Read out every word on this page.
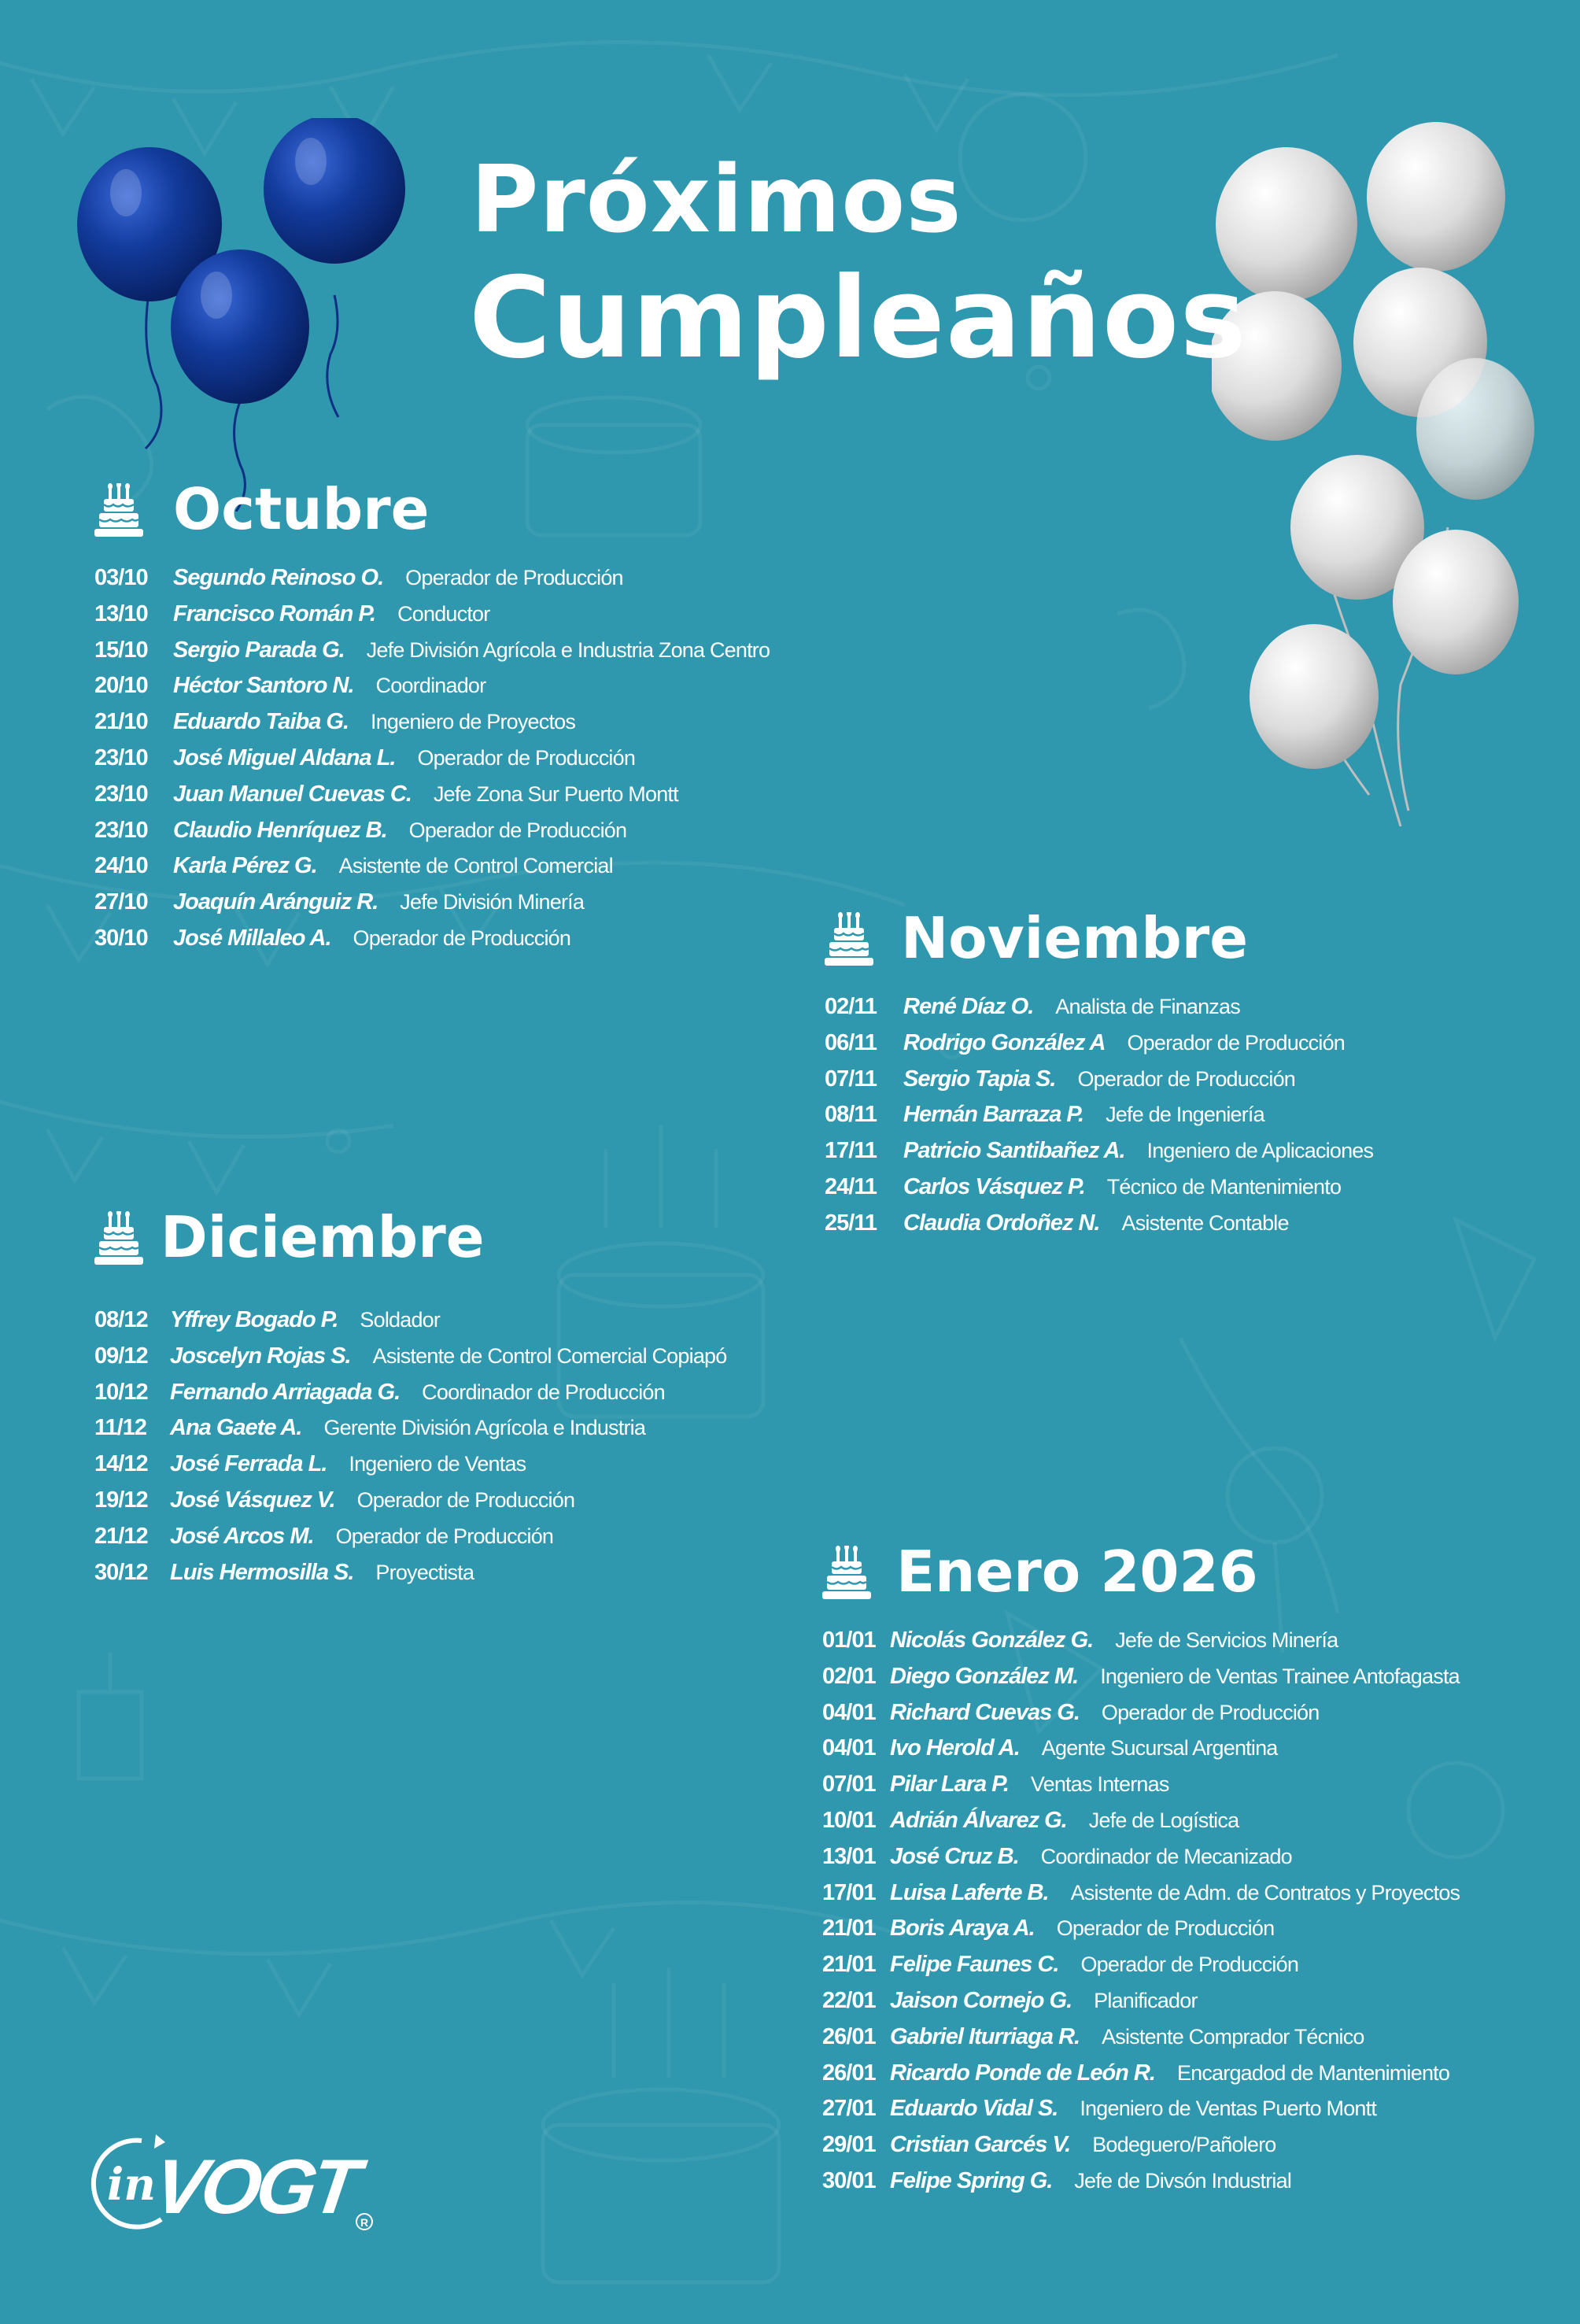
Próximos
Cumpleaños
Octubre
03/10 Segundo Reinoso O. Operador de Producción
13/10 Francisco Román P. Conductor
15/10 Sergio Parada G. Jefe División Agrícola e Industria Zona Centro
20/10 Héctor Santoro N. Coordinador
21/10 Eduardo Taiba G. Ingeniero de Proyectos
23/10 José Miguel Aldana L. Operador de Producción
23/10 Juan Manuel Cuevas C. Jefe Zona Sur Puerto Montt
23/10 Claudio Henríquez B. Operador de Producción
24/10 Karla Pérez G. Asistente de Control Comercial
27/10 Joaquín Aránguiz R. Jefe División Minería
30/10 José Millaleo A. Operador de Producción	Noviembre
02/11 René Díaz O. Analista de Finanzas
06/11 Rodrigo González A Operador de Producción
07/11 Sergio Tapia S. Operador de Producción
08/11 Hernán Barraza P. Jefe de Ingeniería
17/11 Patricio Santibañez A. Ingeniero de Aplicaciones
24/11 Carlos Vásquez P. Técnico de Mantenimiento
25/11 Claudia Ordoñez N. Asistente Contable
Diciembre
08/12 Yffrey Bogado P. Soldador
09/12 Joscelyn Rojas S. Asistente de Control Comercial Copiapó
10/12 Fernando Arriagada G. Coordinador de Producción
11/12 Ana Gaete A. Gerente División Agrícola e Industria
14/12 José Ferrada L. Ingeniero de Ventas
19/12 José Vásquez V. Operador de Producción
21/12 José Arcos M. Operador de Producción
30/12 Luis Hermosilla S. Proyectista	Enero 2026
01/01 Nicolás González G. Jefe de Servicios Minería
02/01 Diego González M. Ingeniero de Ventas Trainee Antofagasta
04/01 Richard Cuevas G. Operador de Producción
04/01 Ivo Herold A. Agente Sucursal Argentina
07/01 Pilar Lara P. Ventas Internas
10/01 Adrián Álvarez G. Jefe de Logística
13/01 José Cruz B. Coordinador de Mecanizado
17/01 Luisa Laferte B. Asistente de Adm. de Contratos y Proyectos
21/01 Boris Araya A. Operador de Producción
21/01 Felipe Faunes C. Operador de Producción
22/01 Jaison Cornejo G. Planificador
26/01 Gabriel Iturriaga R. Asistente Comprador Técnico
26/01 Ricardo Ponde de León R. Encargadod de Mantenimiento
27/01 Eduardo Vidal S. Ingeniero de Ventas Puerto Montt
29/01 Cristian Garcés V. Bodeguero/Pañolero
30/01 Felipe Spring G. Jefe de Divsón Industrial
in
VOGT R
